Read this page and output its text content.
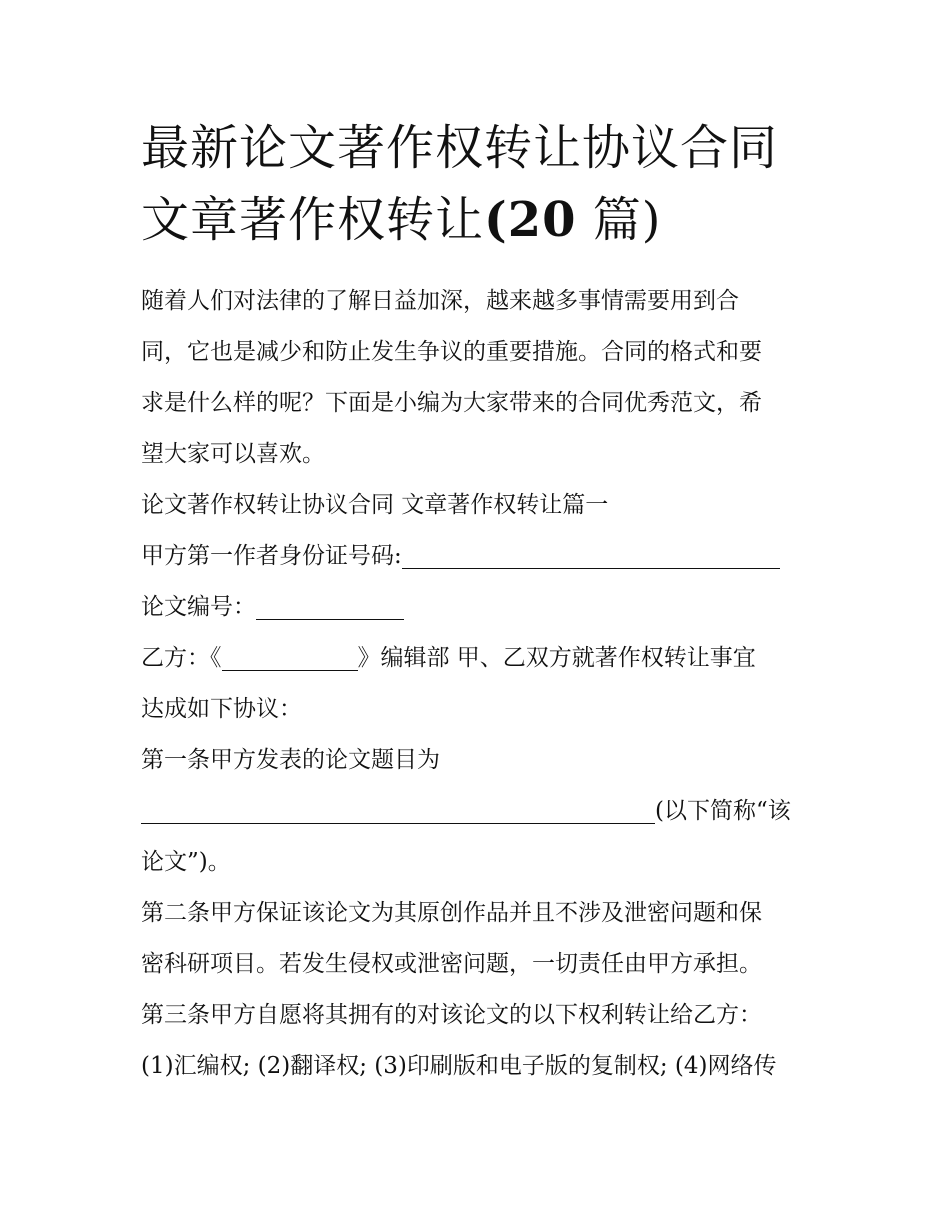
最新论文著作权转让协议合同
文章著作权转让(20 篇)

随着人们对法律的了解日益加深，越来越多事情需要用到合

同，它也是减少和防止发生争议的重要措施。合同的格式和要

求是什么样的呢？下面是小编为大家带来的合同优秀范文，希

望大家可以喜欢。

论文著作权转让协议合同 文章著作权转让篇一

甲方第一作者身份证号码:

论文编号：

乙方：《	》编辑部 甲、乙双方就著作权转让事宜

达成如下协议：

第一条甲方发表的论文题目为

(以下简称“该

论文”)。

第二条甲方保证该论文为其原创作品并且不涉及泄密问题和保

密科研项目。若发生侵权或泄密问题，一切责任由甲方承担。

第三条甲方自愿将其拥有的对该论文的以下权利转让给乙方：

(1)汇编权; (2)翻译权; (3)印刷版和电子版的复制权; (4)网络传
